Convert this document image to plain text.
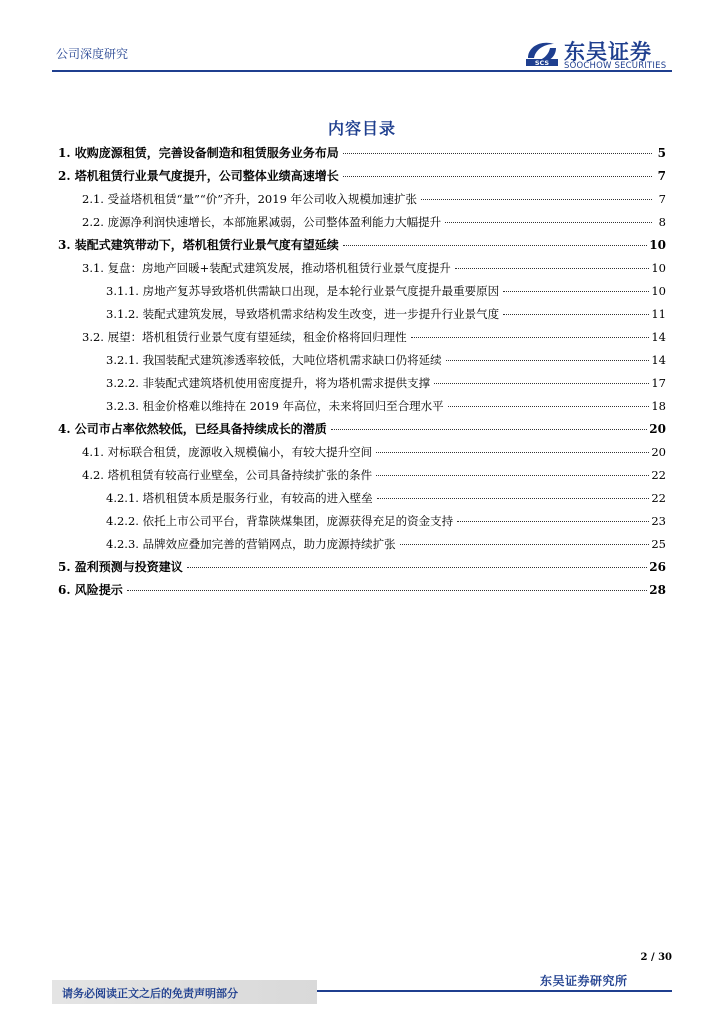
公司深度研究
SCS 东吴证券
SOOCHOW SECURITIES
内容目录
1. 收购庞源租赁，完善设备制造和租赁服务业务布局	5
2. 塔机租赁行业景气度提升，公司整体业绩高速增长	7
2.1. 受益塔机租赁“量”“价”齐升，2019 年公司收入规模加速扩张	7
2.2. 庞源净利润快速增长，本部施累减弱，公司整体盈利能力大幅提升	8
3. 装配式建筑带动下，塔机租赁行业景气度有望延续	10
3.1. 复盘：房地产回暖+装配式建筑发展，推动塔机租赁行业景气度提升	10
3.1.1. 房地产复苏导致塔机供需缺口出现，是本轮行业景气度提升最重要原因	10
3.1.2. 装配式建筑发展，导致塔机需求结构发生改变，进一步提升行业景气度	11
3.2. 展望：塔机租赁行业景气度有望延续，租金价格将回归理性	14
3.2.1. 我国装配式建筑渗透率较低，大吨位塔机需求缺口仍将延续	14
3.2.2. 非装配式建筑塔机使用密度提升，将为塔机需求提供支撑	17
3.2.3. 租金价格难以维持在 2019 年高位，未来将回归至合理水平	18
4. 公司市占率依然较低，已经具备持续成长的潜质	20
4.1. 对标联合租赁，庞源收入规模偏小，有较大提升空间	20
4.2. 塔机租赁有较高行业壁垒，公司具备持续扩张的条件	22
4.2.1. 塔机租赁本质是服务行业，有较高的进入壁垒	22
4.2.2. 依托上市公司平台，背靠陕煤集团，庞源获得充足的资金支持	23
4.2.3. 品牌效应叠加完善的营销网点，助力庞源持续扩张	25
5. 盈利预测与投资建议	26
6. 风险提示	28
2 / 30
请务必阅读正文之后的免责声明部分
东吴证券研究所
